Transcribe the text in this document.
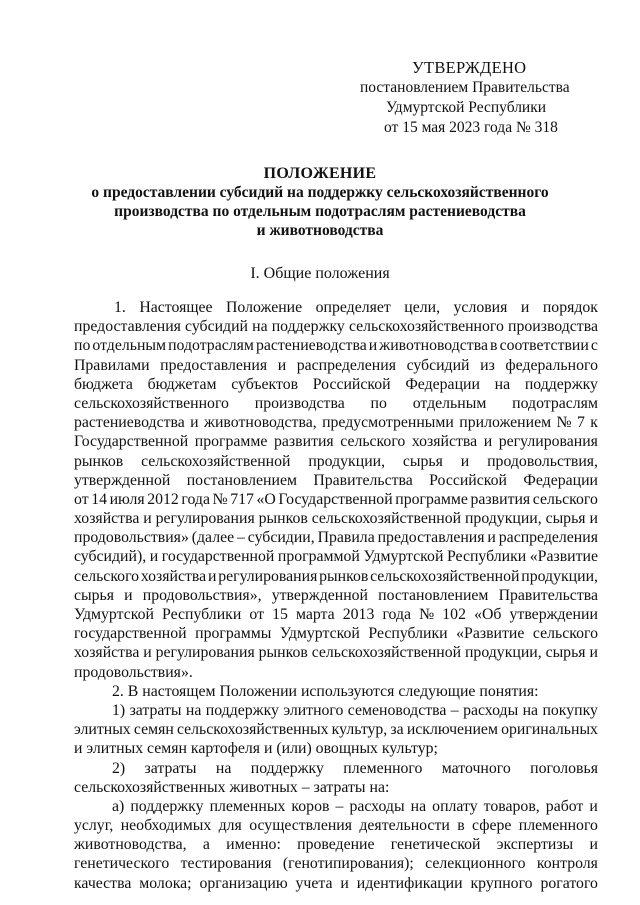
УТВЕРЖДЕНО
постановлением Правительства
Удмуртской Республики
от 15 мая 2023 года № 318
ПОЛОЖЕНИЕ
о предоставлении субсидий на поддержку сельскохозяйственного
производства по отдельным подотраслям растениеводства
и животноводства
I. Общие положения
1. Настоящее Положение определяет цели, условия и порядок
предоставления субсидий на поддержку сельскохозяйственного производства
по отдельным подотраслям растениеводства и животноводства в соответствии с
Правилами предоставления и распределения субсидий из федерального
бюджета бюджетам субъектов Российской Федерации на поддержку
сельскохозяйственного производства по отдельным подотраслям
растениеводства и животноводства, предусмотренными приложением № 7 к
Государственной программе развития сельского хозяйства и регулирования
рынков сельскохозяйственной продукции, сырья и продовольствия,
утвержденной постановлением Правительства Российской Федерации
от 14 июля 2012 года № 717 «О Государственной программе развития сельского
хозяйства и регулирования рынков сельскохозяйственной продукции, сырья и
продовольствия» (далее – субсидии, Правила предоставления и распределения
субсидий), и государственной программой Удмуртской Республики «Развитие
сельского хозяйства и регулирования рынков сельскохозяйственной продукции,
сырья и продовольствия», утвержденной постановлением Правительства
Удмуртской Республики от 15 марта 2013 года № 102 «Об утверждении
государственной программы Удмуртской Республики «Развитие сельского
хозяйства и регулирования рынков сельскохозяйственной продукции, сырья и
продовольствия».
2. В настоящем Положении используются следующие понятия:
1) затраты на поддержку элитного семеноводства – расходы на покупку
элитных семян сельскохозяйственных культур, за исключением оригинальных
и элитных семян картофеля и (или) овощных культур;
2) затраты на поддержку племенного маточного поголовья
сельскохозяйственных животных – затраты на:
а) поддержку племенных коров – расходы на оплату товаров, работ и
услуг, необходимых для осуществления деятельности в сфере племенного
животноводства, а именно: проведение генетической экспертизы и
генетического тестирования (генотипирования); селекционного контроля
качества молока; организацию учета и идентификации крупного рогатого
